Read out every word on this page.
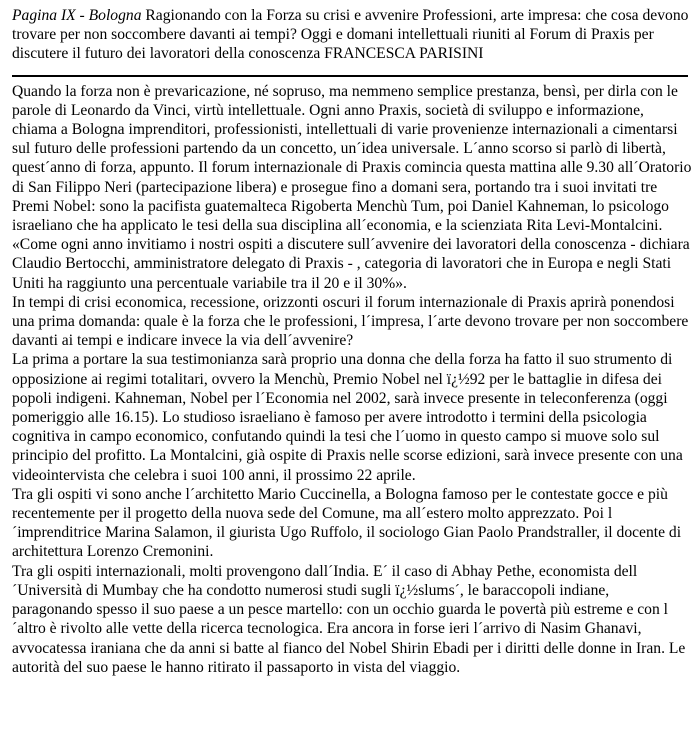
Pagina IX - Bologna Ragionando con la Forza su crisi e avvenire Professioni, arte impresa: che cosa devono trovare per non soccombere davanti ai tempi? Oggi e domani intellettuali riuniti al Forum di Praxis per discutere il futuro dei lavoratori della conoscenza FRANCESCA PARISINI

Quando la forza non è prevaricazione, né sopruso, ma nemmeno semplice prestanza, bensì, per dirla con le parole di Leonardo da Vinci, virtù intellettuale. Ogni anno Praxis, società di sviluppo e informazione, chiama a Bologna imprenditori, professionisti, intellettuali di varie provenienze internazionali a cimentarsi sul futuro delle professioni partendo da un concetto, un´idea universale. L´anno scorso si parlò di libertà, quest´anno di forza, appunto. Il forum internazionale di Praxis comincia questa mattina alle 9.30 all´Oratorio di San Filippo Neri (partecipazione libera) e prosegue fino a domani sera, portando tra i suoi invitati tre Premi Nobel: sono la pacifista guatemalteca Rigoberta Menchù Tum, poi Daniel Kahneman, lo psicologo israeliano che ha applicato le tesi della sua disciplina all´economia, e la scienziata Rita Levi-Montalcini.

«Come ogni anno invitiamo i nostri ospiti a discutere sull´avvenire dei lavoratori della conoscenza - dichiara Claudio Bertocchi, amministratore delegato di Praxis - , categoria di lavoratori che in Europa e negli Stati Uniti ha raggiunto una percentuale variabile tra il 20 e il 30%».

In tempi di crisi economica, recessione, orizzonti oscuri il forum internazionale di Praxis aprirà ponendosi una prima domanda: quale è la forza che le professioni, l´impresa, l´arte devono trovare per non soccombere davanti ai tempi e indicare invece la via dell´avvenire?

La prima a portare la sua testimonianza sarà proprio una donna che della forza ha fatto il suo strumento di opposizione ai regimi totalitari, ovvero la Menchù, Premio Nobel nel ï¿½92 per le battaglie in difesa dei popoli indigeni. Kahneman, Nobel per l´Economia nel 2002, sarà invece presente in teleconferenza (oggi pomeriggio alle 16.15). Lo studioso israeliano è famoso per avere introdotto i termini della psicologia cognitiva in campo economico, confutando quindi la tesi che l´uomo in questo campo si muove solo sul principio del profitto. La Montalcini, già ospite di Praxis nelle scorse edizioni, sarà invece presente con una videointervista che celebra i suoi 100 anni, il prossimo 22 aprile.

Tra gli ospiti vi sono anche l´architetto Mario Cuccinella, a Bologna famoso per le contestate gocce e più recentemente per il progetto della nuova sede del Comune, ma all´estero molto apprezzato. Poi l´imprenditrice Marina Salamon, il giurista Ugo Ruffolo, il sociologo Gian Paolo Prandstraller, il docente di architettura Lorenzo Cremonini.

Tra gli ospiti internazionali, molti provengono dall´India. E´ il caso di Abhay Pethe, economista dell´Università di Mumbay che ha condotto numerosi studi sugli ï¿½slums´, le baraccopoli indiane, paragonando spesso il suo paese a un pesce martello: con un occhio guarda le povertà più estreme e con l´altro è rivolto alle vette della ricerca tecnologica. Era ancora in forse ieri l´arrivo di Nasim Ghanavi, avvocatessa iraniana che da anni si batte al fianco del Nobel Shirin Ebadi per i diritti delle donne in Iran. Le autorità del suo paese le hanno ritirato il passaporto in vista del viaggio.
